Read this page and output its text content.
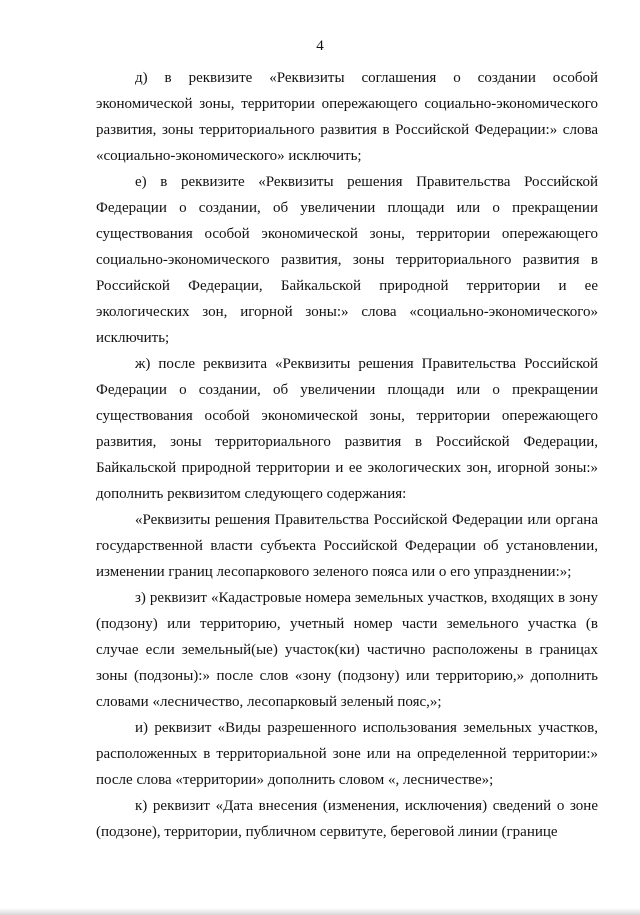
4

д) в реквизите «Реквизиты соглашения о создании особой экономической зоны, территории опережающего социально-экономического развития, зоны территориального развития в Российской Федерации:» слова «социально-экономического» исключить;

е) в реквизите «Реквизиты решения Правительства Российской Федерации о создании, об увеличении площади или о прекращении существования особой экономической зоны, территории опережающего социально-экономического развития, зоны территориального развития в Российской Федерации, Байкальской природной территории и ее экологических зон, игорной зоны:» слова «социально-экономического» исключить;

ж) после реквизита «Реквизиты решения Правительства Российской Федерации о создании, об увеличении площади или о прекращении существования особой экономической зоны, территории опережающего развития, зоны территориального развития в Российской Федерации, Байкальской природной территории и ее экологических зон, игорной зоны:» дополнить реквизитом следующего содержания:

«Реквизиты решения Правительства Российской Федерации или органа государственной власти субъекта Российской Федерации об установлении, изменении границ лесопаркового зеленого пояса или о его упразднении:»;

з) реквизит «Кадастровые номера земельных участков, входящих в зону (подзону) или территорию, учетный номер части земельного участка (в случае если земельный(ые) участок(ки) частично расположены в границах зоны (подзоны):» после слов «зону (подзону) или территорию,» дополнить словами «лесничество, лесопарковый зеленый пояс,»;

и) реквизит «Виды разрешенного использования земельных участков, расположенных в территориальной зоне или на определенной территории:» после слова «территории» дополнить словом «, лесничестве»;

к) реквизит «Дата внесения (изменения, исключения) сведений о зоне (подзоне), территории, публичном сервитуте, береговой линии (границе
